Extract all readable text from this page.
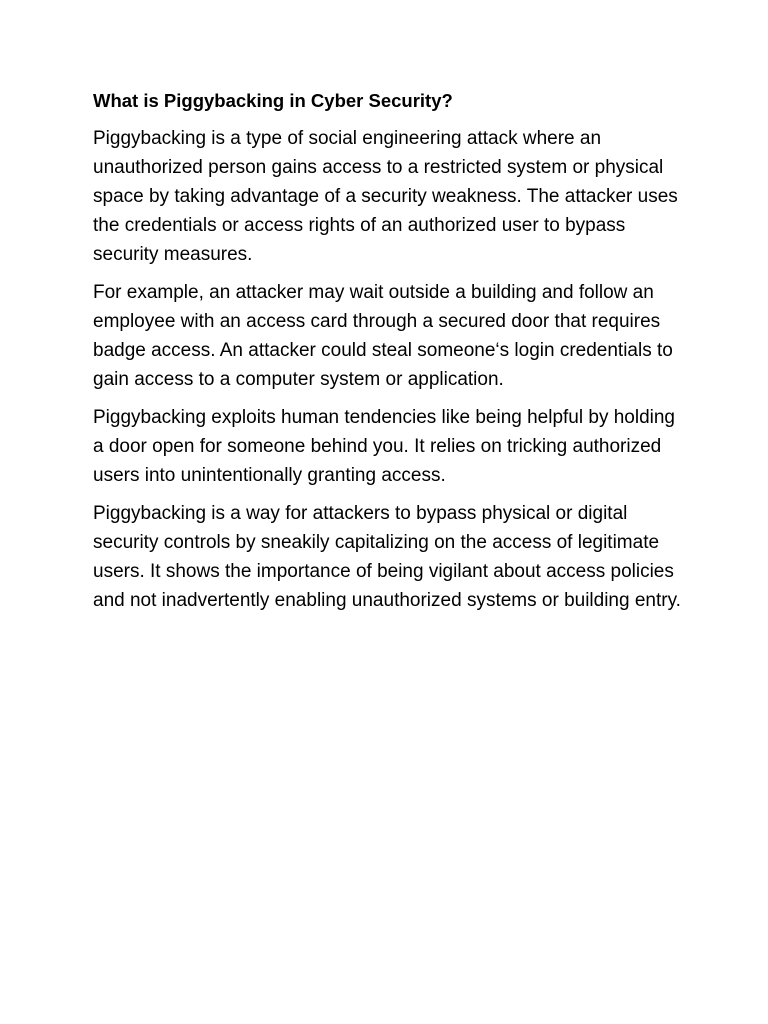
What is Piggybacking in Cyber Security?

Piggybacking is a type of social engineering attack where an unauthorized person gains access to a restricted system or physical space by taking advantage of a security weakness. The attacker uses the credentials or access rights of an authorized user to bypass security measures.

For example, an attacker may wait outside a building and follow an employee with an access card through a secured door that requires badge access. An attacker could steal someone‘s login credentials to gain access to a computer system or application.

Piggybacking exploits human tendencies like being helpful by holding a door open for someone behind you. It relies on tricking authorized users into unintentionally granting access.

Piggybacking is a way for attackers to bypass physical or digital security controls by sneakily capitalizing on the access of legitimate users. It shows the importance of being vigilant about access policies and not inadvertently enabling unauthorized systems or building entry.
